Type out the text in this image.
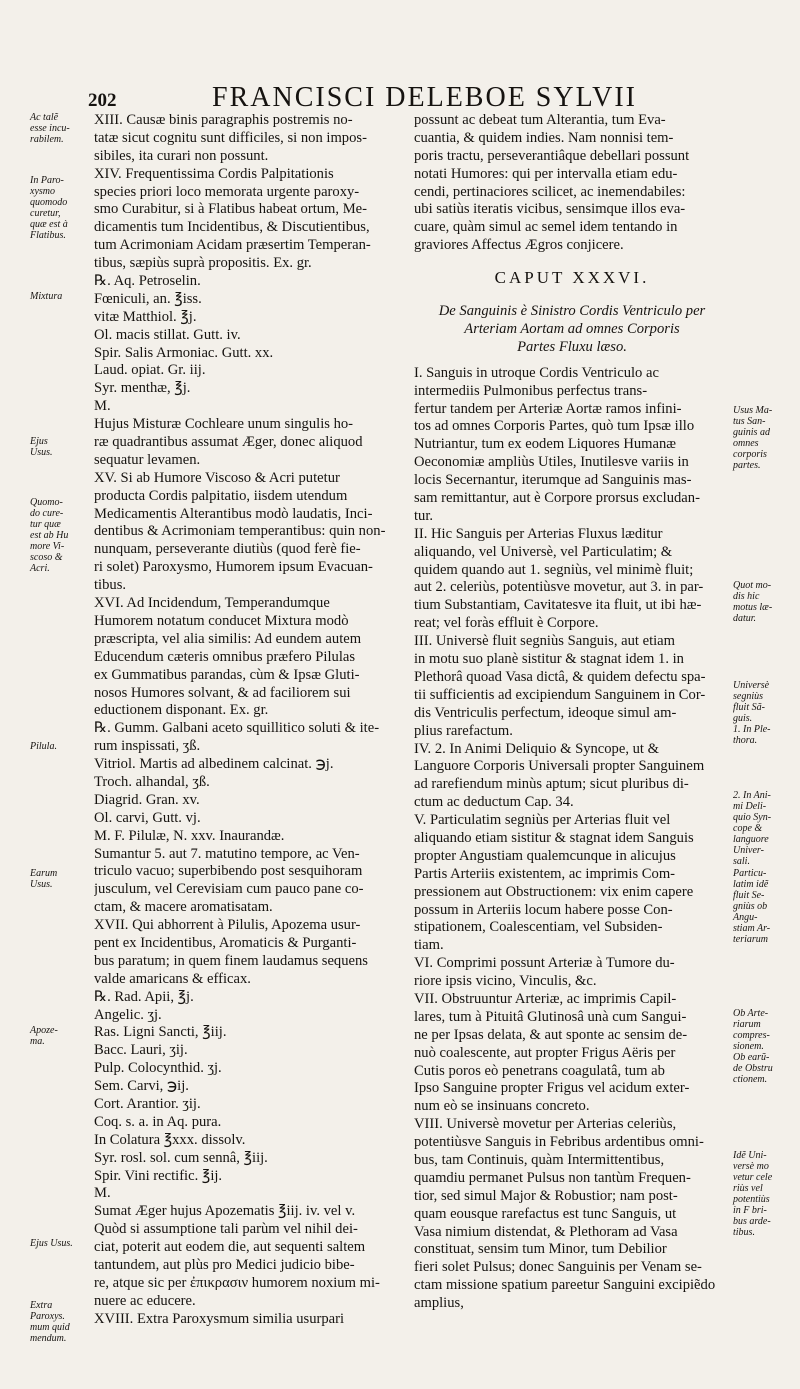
202	FRANCISCI DELEBOE SYLVII
XIII. Causæ binis paragraphis postremis no-
tatæ sicut cognitu sunt difficiles, si non impos-
sibiles, ita curari non possunt.
XIV. Frequentissima Cordis Palpitationis
species priori loco memorata urgente paroxy-
smo Curabitur, si à Flatibus habeat ortum, Me-
dicamentis tum Incidentibus, & Discutientibus,
tum Acrimoniam Acidam præsertim Temperan-
tibus, sæpiùs suprà propositis. Ex. gr.
℞. Aq. Petroselin.
Fœniculi, an. ℥iss.
vitæ Matthiol. ℥j.
Ol. macis stillat. Gutt. iv.
Spir. Salis Armoniac. Gutt. xx.
Laud. opiat. Gr. iij.
Syr. menthæ, ℥j.
M.
Hujus Misturæ Cochleare unum singulis ho-
ræ quadrantibus assumat Æger, donec aliquod
sequatur levamen.
XV. Si ab Humore Viscoso & Acri putetur
producta Cordis palpitatio, iisdem utendum
Medicamentis Alterantibus modò laudatis, Inci-
dentibus & Acrimoniam temperantibus: quin non-
nunquam, perseverante diutiùs (quod ferè fie-
ri solet) Paroxysmo, Humorem ipsum Evacuan-
tibus.
XVI. Ad Incidendum, Temperandumque
Humorem notatum conducet Mixtura modò
præscripta, vel alia similis: Ad eundem autem
Educendum cæteris omnibus præfero Pilulas
ex Gummatibus parandas, cùm & Ipsæ Gluti-
nosos Humores solvant, & ad faciliorem sui
eductionem disponant. Ex. gr.
℞. Gumm. Galbani aceto squillitico soluti & ite-
rum inspissati, ʒß.
Vitriol. Martis ad albedinem calcinat. ℈j.
Troch. alhandal, ʒß.
Diagrid. Gran. xv.
Ol. carvi, Gutt. vj.
M. F. Pilulæ, N. xxv. Inaurandæ.
Sumantur 5. aut 7. matutino tempore, ac Ven-
triculo vacuo; superbibendo post sesquihoram
jusculum, vel Cerevisiam cum pauco pane co-
ctam, & macere aromatisatam.
XVII. Qui abhorrent à Pilulis, Apozema usur-
pent ex Incidentibus, Aromaticis & Purganti-
bus paratum; in quem finem laudamus sequens
valde amaricans & efficax.
℞. Rad. Apii, ℥j.
Angelic. ʒj.
Ras. Ligni Sancti, ℥iij.
Bacc. Lauri, ʒij.
Pulp. Colocynthid. ʒj.
Sem. Carvi, ℈ij.
Cort. Arantior. ʒij.
Coq. s. a. in Aq. pura.
In Colatura ℥xxx. dissolv.
Syr. rosl. sol. cum sennâ, ℥iij.
Spir. Vini rectific. ℥ij.
M.
Sumat Æger hujus Apozematis ℥iij. iv. vel v.
Quòd si assumptione tali parùm vel nihil dei-
ciat, poterit aut eodem die, aut sequenti saltem
tantundem, aut plùs pro Medici judicio bibe-
re, atque sic per ἐπικρασιν humorem noxium mi-
nuere ac educere.
XVIII. Extra Paroxysmum similia usurpari
possunt ac debeat tum Alterantia, tum Eva-
cuantia, & quidem indies. Nam nonnisi tem-
poris tractu, perseverantiâque debellari possunt
notati Humores: qui per intervalla etiam edu-
cendi, pertinaciores scilicet, ac inemendabiles:
ubi satiùs iteratis vicibus, sensimque illos eva-
cuare, quàm simul ac semel idem tentando in
graviores Affectus Ægros conjicere.
CAPUT XXXVI.
De Sanguinis è Sinistro Cordis Ventriculo per
Arteriam Aortam ad omnes Corporis
Partes Fluxu læso.
I. Sanguis in utroque Cordis Ventriculo ac
intermediis Pulmonibus perfectus trans-
fertur tandem per Arteriæ Aortæ ramos infini-
tos ad omnes Corporis Partes, quò tum Ipsæ illo
Nutriantur, tum ex eodem Liquores Humanæ
Oeconomiæ ampliùs Utiles, Inutilesve variis in
locis Secernantur, iterumque ad Sanguinis mas-
sam remittantur, aut è Corpore prorsus excludan-
tur.
II. Hic Sanguis per Arterias Fluxus læditur
aliquando, vel Universè, vel Particulatim; &
quidem quando aut 1. segniùs, vel minimè fluit;
aut 2. celeriùs, potentiùsve movetur, aut 3. in par-
tium Substantiam, Cavitatesve ita fluit, ut ibi hæ-
reat; vel foràs effluit è Corpore.
III. Universè fluit segniùs Sanguis, aut etiam
in motu suo planè sistitur & stagnat idem 1. in
Plethorâ quoad Vasa dictâ, & quidem defectu spa-
tii sufficientis ad excipiendum Sanguinem in Cor-
dis Ventriculis perfectum, ideoque simul am-
plius rarefactum.
IV. 2. In Animi Deliquio & Syncope, ut &
Languore Corporis Universali propter Sanguinem
ad rarefiendum minùs aptum; sicut pluribus di-
ctum ac deductum Cap. 34.
V. Particulatim segniùs per Arterias fluit vel
aliquando etiam sistitur & stagnat idem Sanguis
propter Angustiam qualemcunque in alicujus
Partis Arteriis existentem, ac imprimis Com-
pressionem aut Obstructionem: vix enim capere
possum in Arteriis locum habere posse Con-
stipationem, Coalescentiam, vel Subsiden-
tiam.
VI. Comprimi possunt Arteriæ à Tumore du-
riore ipsis vicino, Vinculis, &c.
VII. Obstruuntur Arteriæ, ac imprimis Capil-
lares, tum à Pituitâ Glutinosâ unà cum Sangui-
ne per Ipsas delata, & aut sponte ac sensim de-
nuò coalescente, aut propter Frigus Aëris per
Cutis poros eò penetrans coagulatâ, tum ab
Ipso Sanguine propter Frigus vel acidum exter-
num eò se insinuans concreto.
VIII. Universè movetur per Arterias celeriùs,
potentiùsve Sanguis in Febribus ardentibus omni-
bus, tam Continuis, quàm Intermittentibus,
quamdiu permanet Pulsus non tantùm Frequen-
tior, sed simul Major & Robustior; nam post-
quam eousque rarefactus est tunc Sanguis, ut
Vasa nimium distendat, & Plethoram ad Vasa
constituat, sensim tum Minor, tum Debilior
fieri solet Pulsus; donec Sanguinis per Venam se-
ctam missione spatium pareetur Sanguini excipiẽdo
amplius,
Ac talẽ
esse incu-
rabilem.
In Paro-
xysmo
quomodo
curetur,
quæ est à
Flatibus.
Mixtura
Ejus
Usus.
Quomo-
do cure-
tur quæ
est ab Hu
more Vi-
scoso &
Acri.
Pilula.
Earum
Usus.
Apoze-
ma.
Ejus Usus.
Extra
Paroxys.
mum quid
mendum.
Usus Ma-
tus San-
guinis ad
omnes
corporis
partes.
Quot mo-
dis hic
motus læ-
datur.
Universè
segniùs
fluit Sã-
guis.
1. In Ple-
thora.
2. In Ani-
mi Deli-
quio Syn-
cope &
languore
Univer-
sali.
Particu-
latim idẽ
fluit Se-
gniùs ob
Angu-
stiam Ar-
teriarum
Ob Arte-
riarum
compres-
sionem.
Ob earũ-
de Obstru
ctionem.
Idẽ Uni-
versè mo
vetur cele
riùs vel
potentiùs
in F bri-
bus arde-
tibus.
